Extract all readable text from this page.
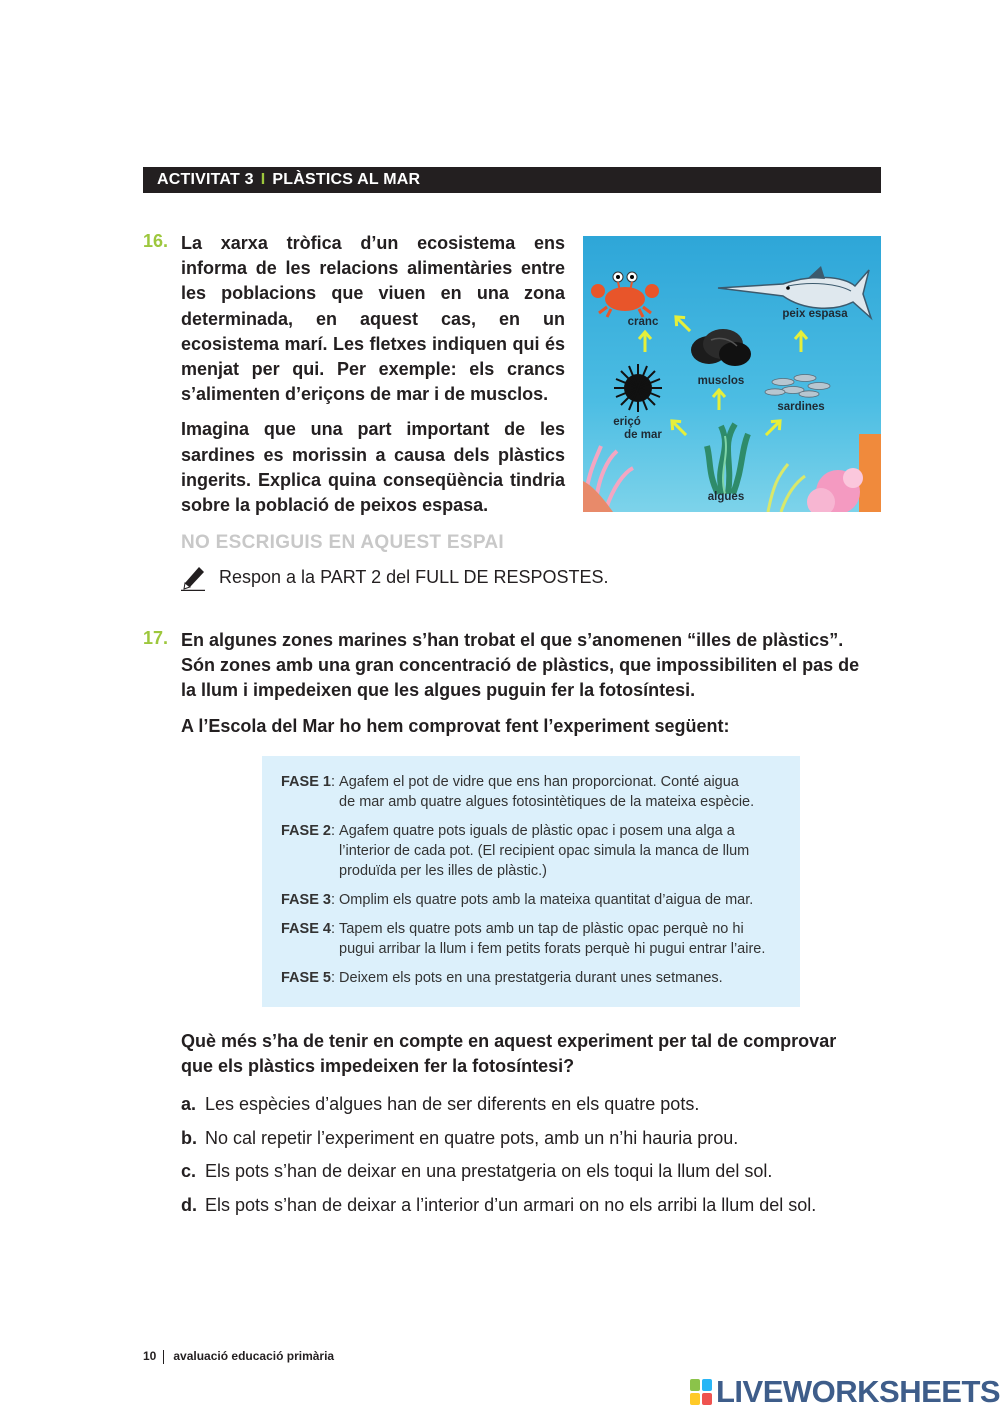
ACTIVITAT 3 I PLÀSTICS AL MAR
16. La xarxa tròfica d’un ecosistema ens informa de les relacions alimentàries entre les poblacions que viuen en una zona determinada, en aquest cas, en un ecosistema marí. Les fletxes indiquen qui és menjat per qui. Per exemple: els crancs s’alimenten d’eriçons de mar i de musclos.

Imagina que una part important de les sardines es morissin a causa dels plàstics ingerits. Explica quina conseqüència tindria sobre la població de peixos espasa.

cranc
peix espasa
musclos
sardines
eriçó
de mar
algues
NO ESCRIGUIS EN AQUEST ESPAI
Respon a la PART 2 del FULL DE RESPOSTES.
17. En algunes zones marines s’han trobat el que s’anomenen “illes de plàstics”.

Són zones amb una gran concentració de plàstics, que impossibiliten el pas de

la llum i impedeixen que les algues puguin fer la fotosíntesi.

A l’Escola del Mar ho hem comprovat fent l’experiment següent:
FASE 1 : Agafem el pot de vidre que ens han proporcionat. Conté aigua
de mar amb quatre algues fotosintètiques de la mateixa espècie.
FASE 2 : Agafem quatre pots iguals de plàstic opac i posem una alga a
l’interior de cada pot. (El recipient opac simula la manca de llum
produïda per les illes de plàstic.)
FASE 3 : Omplim els quatre pots amb la mateixa quantitat d’aigua de mar.
FASE 4 : Tapem els quatre pots amb un tap de plàstic opac perquè no hi
pugui arribar la llum i fem petits forats perquè hi pugui entrar l’aire.
FASE 5 : Deixem els pots en una prestatgeria durant unes setmanes.
Què més s’ha de tenir en compte en aquest experiment per tal de comprovar
que els plàstics impedeixen fer la fotosíntesi?
a. Les espècies d’algues han de ser diferents en els quatre pots.
b. No cal repetir l’experiment en quatre pots, amb un n’hi hauria prou.
c. Els pots s’han de deixar en una prestatgeria on els toqui la llum del sol.
d. Els pots s’han de deixar a l’interior d’un armari on no els arribi la llum del sol.
10 avaluació educació primària
LIVEWORKSHEETS
